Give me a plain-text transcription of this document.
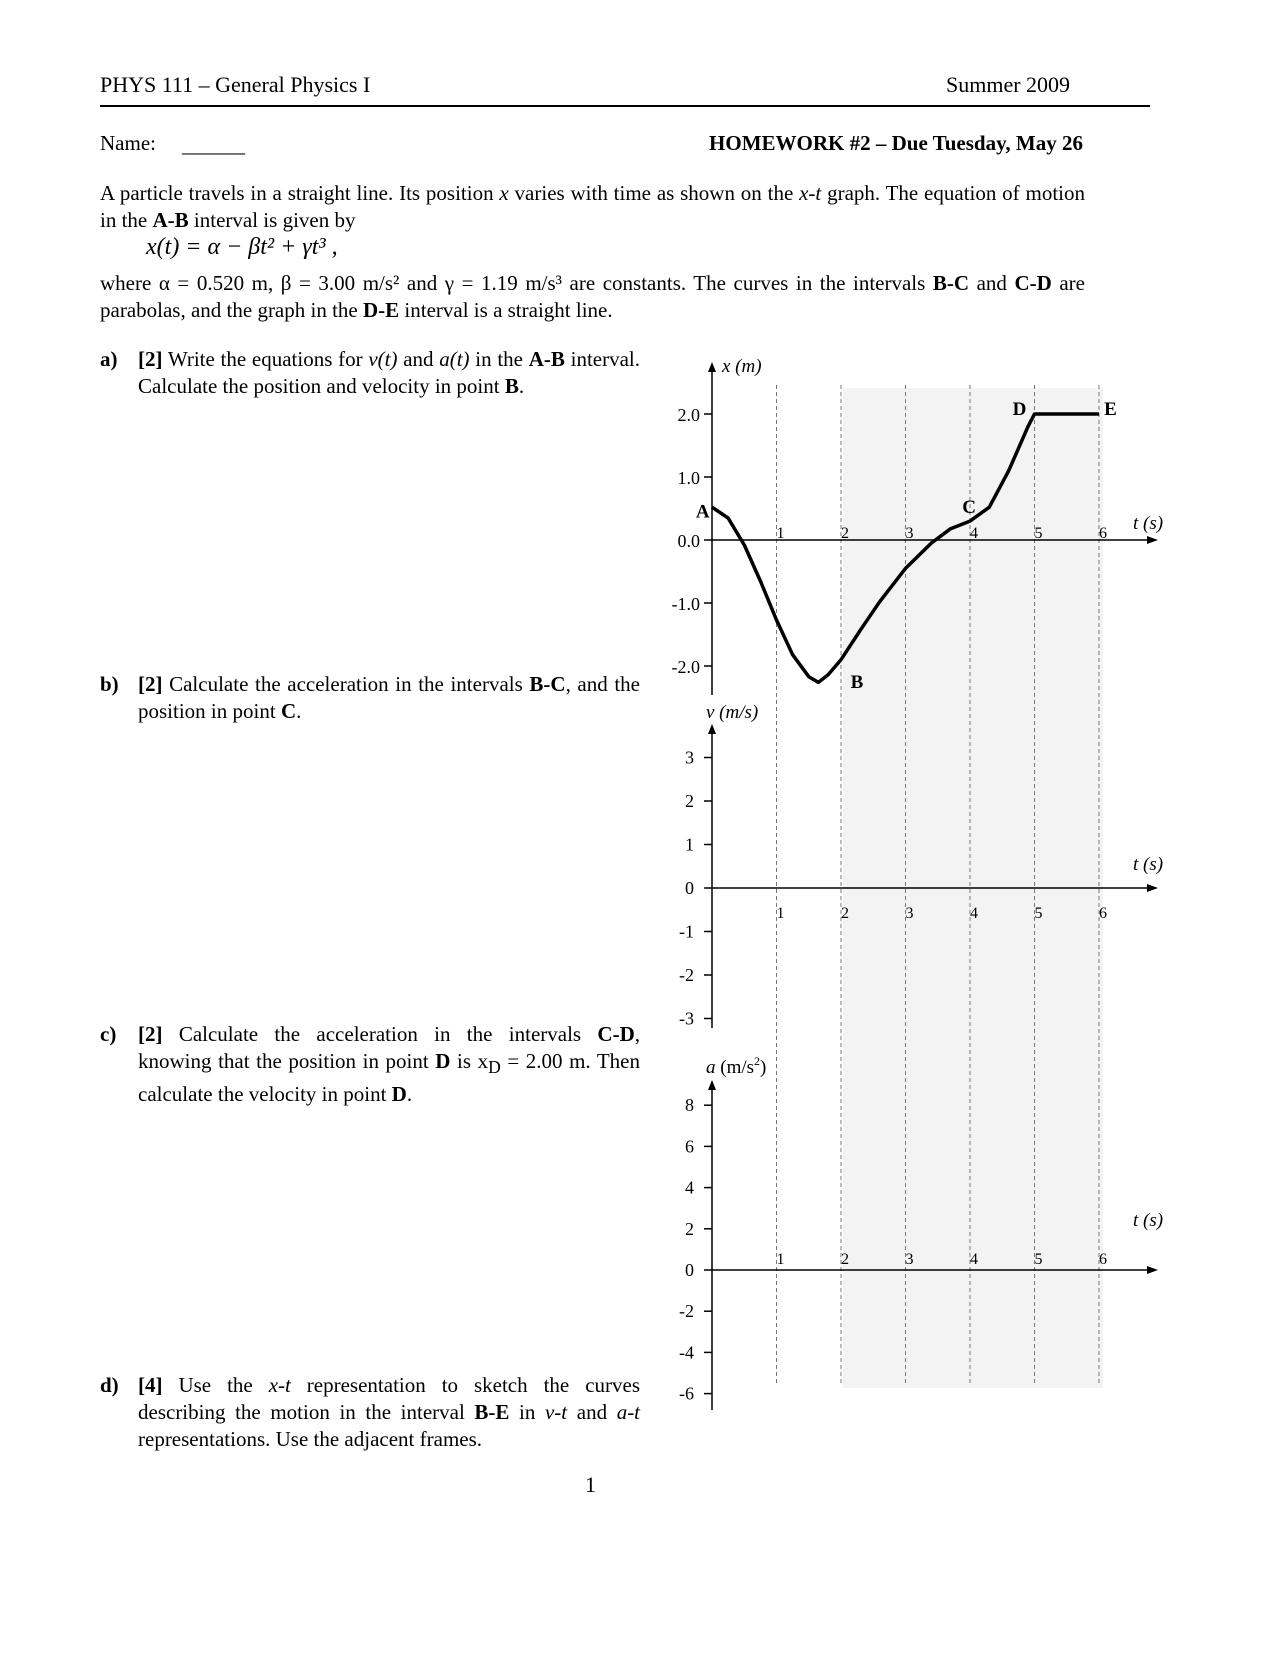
PHYS 111 – General Physics I	Summer 2009
Name: ______	HOMEWORK #2 – Due Tuesday, May 26
A particle travels in a straight line. Its position x varies with time as shown on the x-t graph. The equation of motion in the A-B interval is given by
x(t) = α − βt² + γt³ ,
where α = 0.520 m, β = 3.00 m/s² and γ = 1.19 m/s³ are constants. The curves in the intervals B-C and C-D are parabolas, and the graph in the D-E interval is a straight line.
a) [2] Write the equations for v(t) and a(t) in the A-B interval. Calculate the position and velocity in point B.
b) [2] Calculate the acceleration in the intervals B-C, and the position in point C.
c) [2] Calculate the acceleration in the intervals C-D, knowing that the position in point D is $x_D = 2.00$ m. Then calculate the velocity in point D.
d) [4] Use the x-t representation to sketch the curves describing the motion in the interval B-E in v-t and a-t representations. Use the adjacent frames.
x (m)
t (s)
2.0
1.0
0.0
-1.0
-2.0
1	2	3	4	5	6
A
B
C
D	E
v (m/s)
t (s)
3
2
1
0
-1
-2
-3
1	2	3	4	5	6
a $(m/s^2)$
t (s)
8
6
4
2
0
-2
-4
-6
1	2	3	4	5	6
1
